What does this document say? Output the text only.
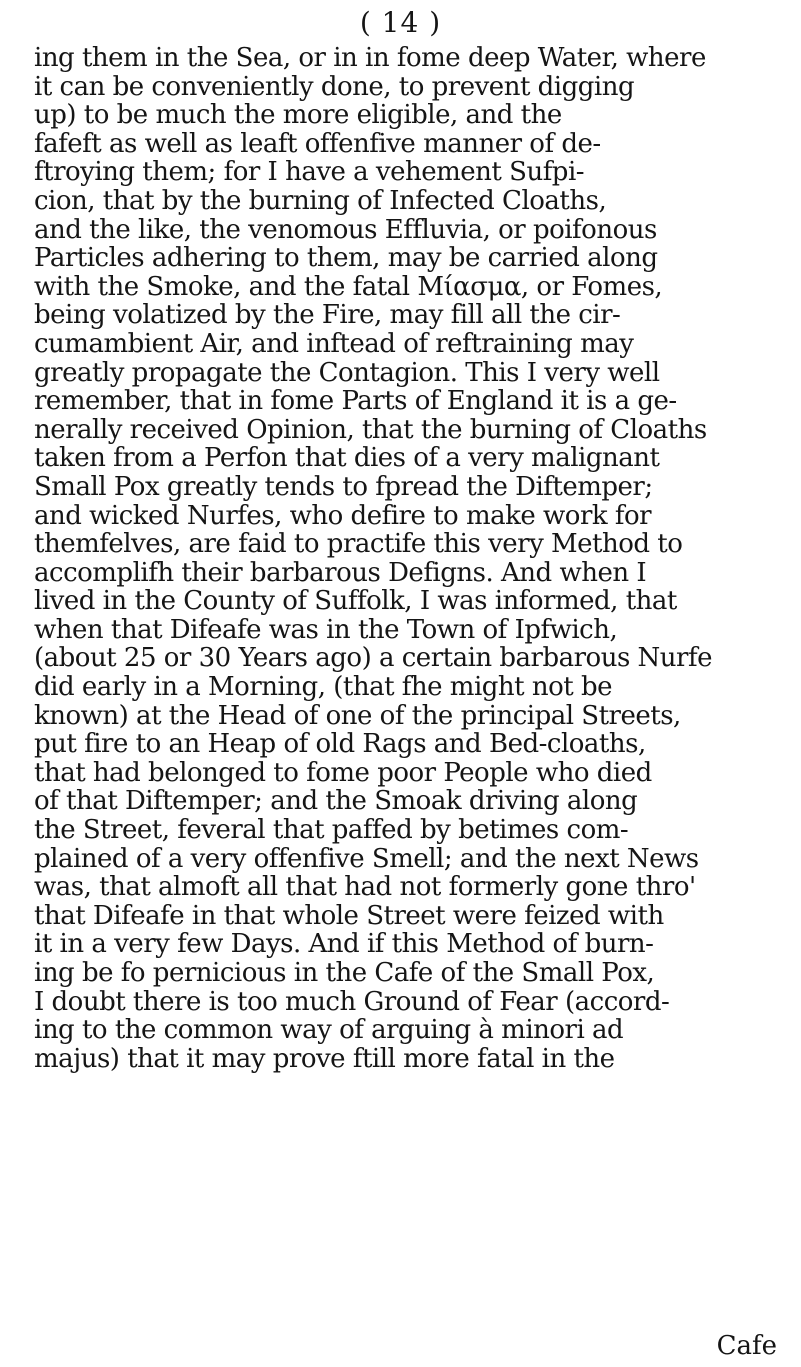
( 14 )
ing them in the Sea, or in in fome deep Water, where
it can be conveniently done, to prevent digging
up) to be much the more eligible, and the
fafeft as well as leaft offenfive manner of de-
ftroying them; for I have a vehement Sufpi-
cion, that by the burning of Infected Cloaths,
and the like, the venomous Effluvia, or poifonous
Particles adhering to them, may be carried along
with the Smoke, and the fatal Μίασμα, or Fomes,
being volatized by the Fire, may fill all the cir-
cumambient Air, and inftead of reftraining may
greatly propagate the Contagion. This I very well
remember, that in fome Parts of England it is a ge-
nerally received Opinion, that the burning of Cloaths
taken from a Perfon that dies of a very malignant
Small Pox greatly tends to fpread the Diftemper;
and wicked Nurfes, who defire to make work for
themfelves, are faid to practife this very Method to
accomplifh their barbarous Defigns. And when I
lived in the County of Suffolk, I was informed, that
when that Difeafe was in the Town of Ipfwich,
(about 25 or 30 Years ago) a certain barbarous Nurfe
did early in a Morning, (that fhe might not be
known) at the Head of one of the principal Streets,
put fire to an Heap of old Rags and Bed-cloaths,
that had belonged to fome poor People who died
of that Diftemper; and the Smoak driving along
the Street, feveral that paffed by betimes com-
plained of a very offenfive Smell; and the next News
was, that almoft all that had not formerly gone thro'
that Difeafe in that whole Street were feized with
it in a very few Days. And if this Method of burn-
ing be fo pernicious in the Cafe of the Small Pox,
I doubt there is too much Ground of Fear (accord-
ing to the common way of arguing à minori ad
majus) that it may prove ftill more fatal in the
Cafe
